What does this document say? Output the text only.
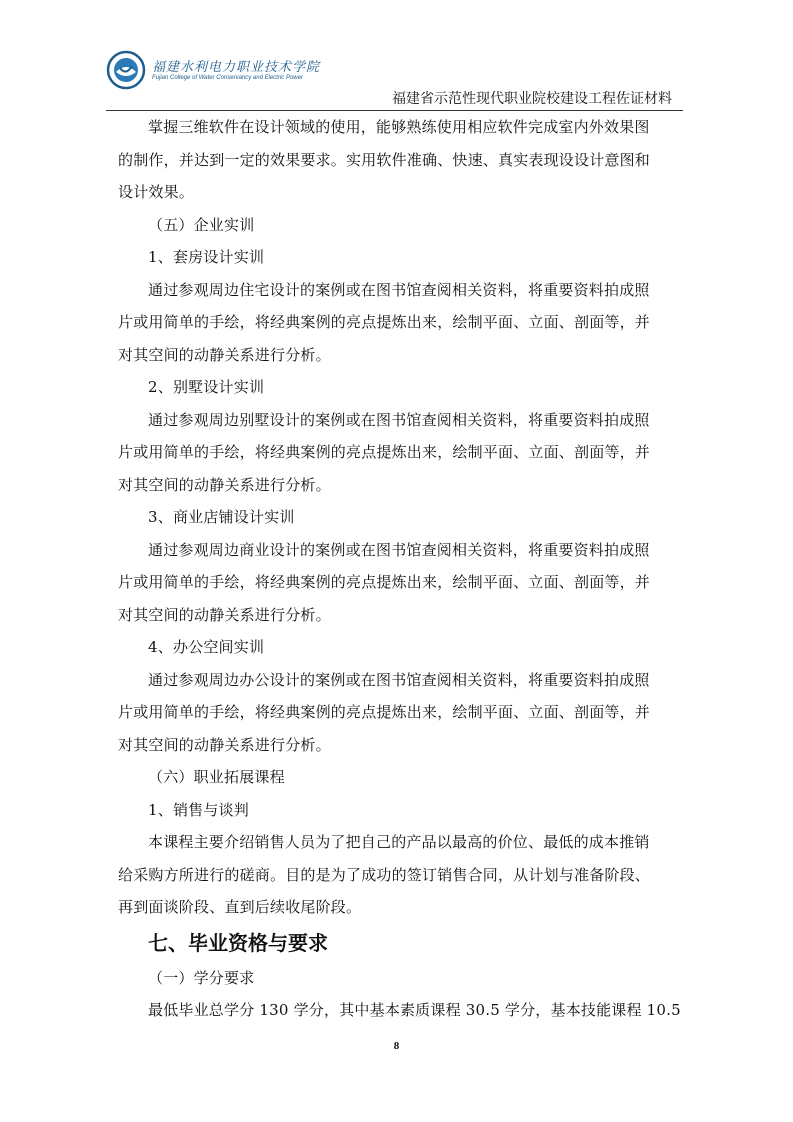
福建水利电力职业技术学院
Fujian College of Water Conservancy and Electric Power
福建省示范性现代职业院校建设工程佐证材料
掌握三维软件在设计领域的使用，能够熟练使用相应软件完成室内外效果图
的制作，并达到一定的效果要求。实用软件准确、快速、真实表现设设计意图和
设计效果。
（五）企业实训
1、套房设计实训
通过参观周边住宅设计的案例或在图书馆查阅相关资料，将重要资料拍成照
片或用简单的手绘，将经典案例的亮点提炼出来，绘制平面、立面、剖面等，并
对其空间的动静关系进行分析。
2、别墅设计实训
通过参观周边别墅设计的案例或在图书馆查阅相关资料，将重要资料拍成照
片或用简单的手绘，将经典案例的亮点提炼出来，绘制平面、立面、剖面等，并
对其空间的动静关系进行分析。
3、商业店铺设计实训
通过参观周边商业设计的案例或在图书馆查阅相关资料，将重要资料拍成照
片或用简单的手绘，将经典案例的亮点提炼出来，绘制平面、立面、剖面等，并
对其空间的动静关系进行分析。
4、办公空间实训
通过参观周边办公设计的案例或在图书馆查阅相关资料，将重要资料拍成照
片或用简单的手绘，将经典案例的亮点提炼出来，绘制平面、立面、剖面等，并
对其空间的动静关系进行分析。
（六）职业拓展课程
1、销售与谈判
本课程主要介绍销售人员为了把自己的产品以最高的价位、最低的成本推销
给采购方所进行的磋商。目的是为了成功的签订销售合同，从计划与准备阶段、
再到面谈阶段、直到后续收尾阶段。
七、毕业资格与要求
（一）学分要求
最低毕业总学分 130 学分，其中基本素质课程 30.5 学分，基本技能课程 10.5
8
